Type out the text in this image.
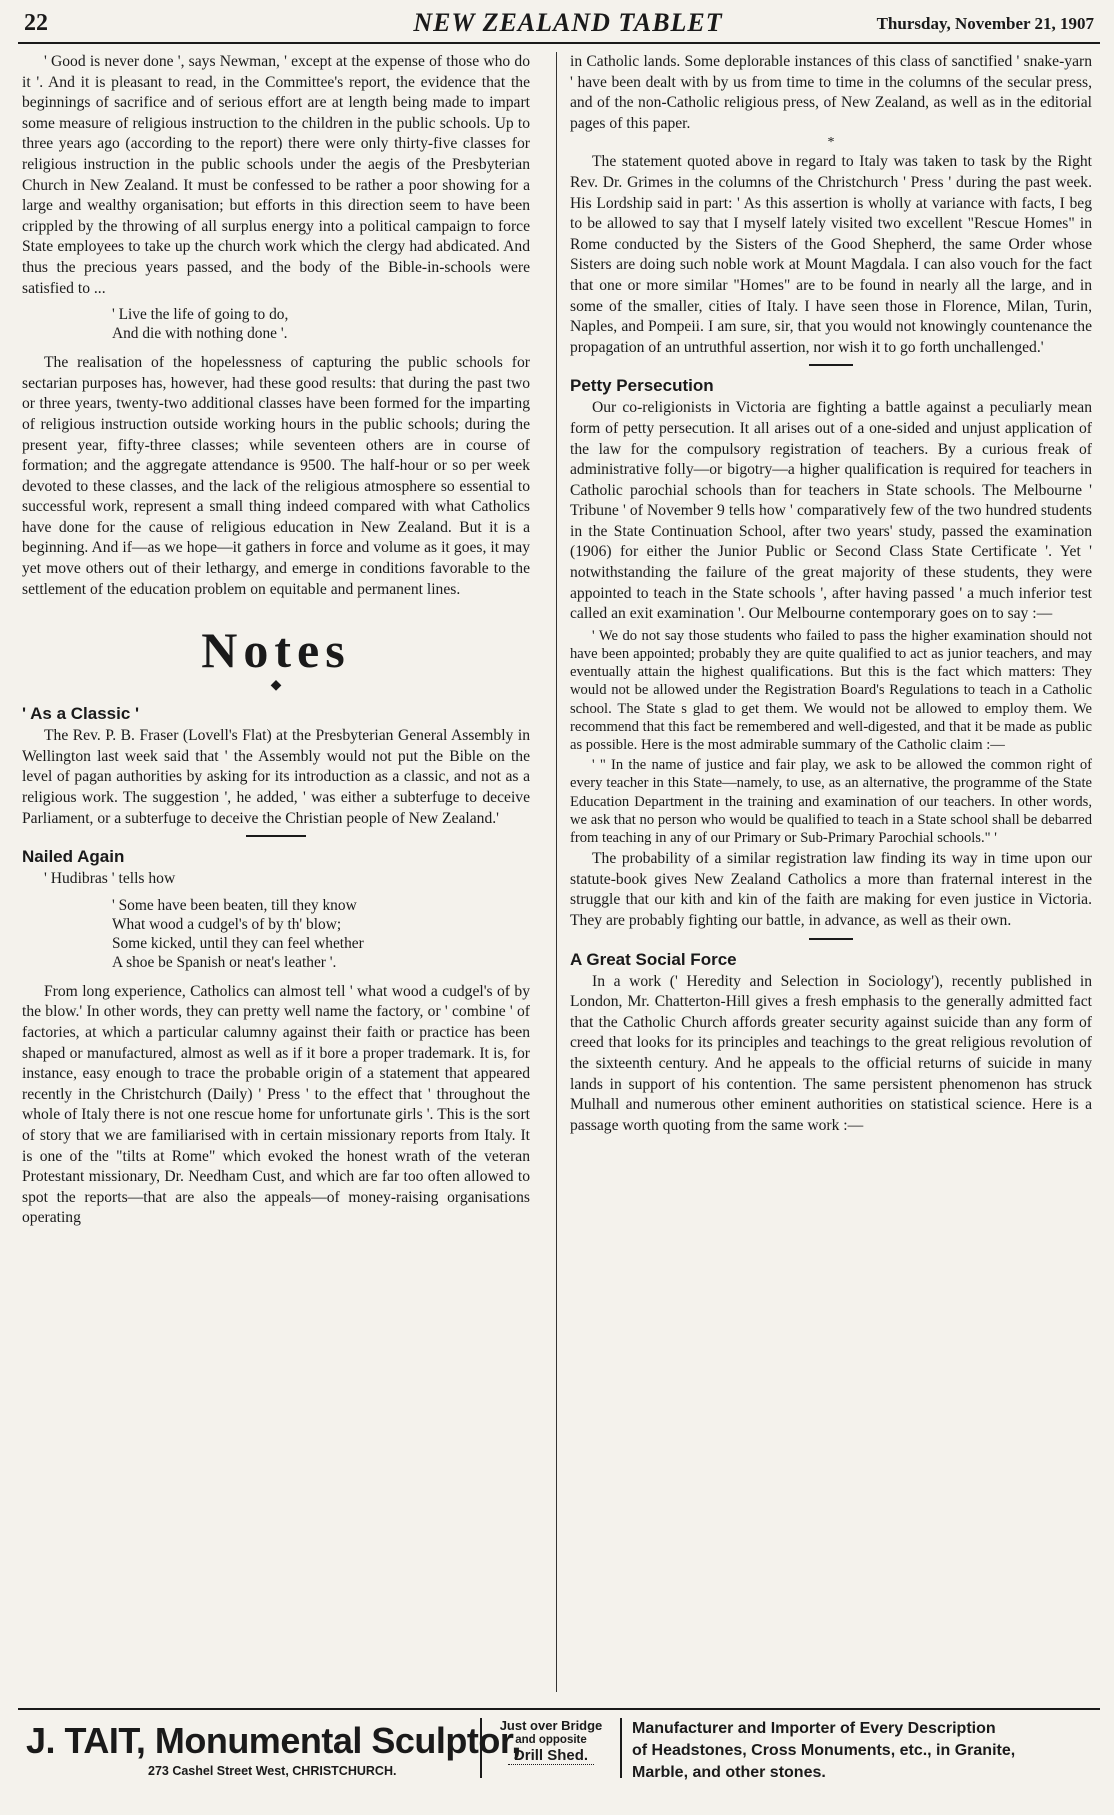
22	NEW ZEALAND TABLET	Thursday, November 21, 1907

' Good is never done ', says Newman, ' except at the expense of those who do it '. And it is pleasant to read, in the Committee's report, the evidence that the beginnings of sacrifice and of serious effort are at length being made to impart some measure of religious instruction to the children in the public schools. Up to three years ago (according to the report) there were only thirty-five classes for religious instruction in the public schools under the aegis of the Presbyterian Church in New Zealand. It must be confessed to be rather a poor showing for a large and wealthy organisation; but efforts in this direction seem to have been crippled by the throwing of all surplus energy into a political campaign to force State employees to take up the church work which the clergy had abdicated. And thus the precious years passed, and the body of the Bible-in-schools were satisfied to ...

' Live the life of going to do,
And die with nothing done '.

The realisation of the hopelessness of capturing the public schools for sectarian purposes has, however, had these good results: that during the past two or three years, twenty-two additional classes have been formed for the imparting of religious instruction outside working hours in the public schools; during the present year, fifty-three classes; while seventeen others are in course of formation; and the aggregate attendance is 9500. The half-hour or so per week devoted to these classes, and the lack of the religious atmosphere so essential to successful work, represent a small thing indeed compared with what Catholics have done for the cause of religious education in New Zealand. But it is a beginning. And if—as we hope—it gathers in force and volume as it goes, it may yet move others out of their lethargy, and emerge in conditions favorable to the settlement of the education problem on equitable and permanent lines.

Notes
◆
' As a Classic '

The Rev. P. B. Fraser (Lovell's Flat) at the Presbyterian General Assembly in Wellington last week said that ' the Assembly would not put the Bible on the level of pagan authorities by asking for its introduction as a classic, and not as a religious work. The suggestion ', he added, ' was either a subterfuge to deceive Parliament, or a subterfuge to deceive the Christian people of New Zealand.'

Nailed Again

' Hudibras ' tells how

' Some have been beaten, till they know
What wood a cudgel's of by th' blow;
Some kicked, until they can feel whether
A shoe be Spanish or neat's leather '.

From long experience, Catholics can almost tell ' what wood a cudgel's of by the blow.' In other words, they can pretty well name the factory, or ' combine ' of factories, at which a particular calumny against their faith or practice has been shaped or manufactured, almost as well as if it bore a proper trademark. It is, for instance, easy enough to trace the probable origin of a statement that appeared recently in the Christchurch (Daily) ' Press ' to the effect that ' throughout the whole of Italy there is not one rescue home for unfortunate girls '. This is the sort of story that we are familiarised with in certain missionary reports from Italy. It is one of the "tilts at Rome" which evoked the honest wrath of the veteran Protestant missionary, Dr. Needham Cust, and which are far too often allowed to spot the reports—that are also the appeals—of money-raising organisations operating

in Catholic lands. Some deplorable instances of this class of sanctified ' snake-yarn ' have been dealt with by us from time to time in the columns of the secular press, and of the non-Catholic religious press, of New Zealand, as well as in the editorial pages of this paper.

*

The statement quoted above in regard to Italy was taken to task by the Right Rev. Dr. Grimes in the columns of the Christchurch ' Press ' during the past week. His Lordship said in part: ' As this assertion is wholly at variance with facts, I beg to be allowed to say that I myself lately visited two excellent "Rescue Homes" in Rome conducted by the Sisters of the Good Shepherd, the same Order whose Sisters are doing such noble work at Mount Magdala. I can also vouch for the fact that one or more similar "Homes" are to be found in nearly all the large, and in some of the smaller, cities of Italy. I have seen those in Florence, Milan, Turin, Naples, and Pompeii. I am sure, sir, that you would not knowingly countenance the propagation of an untruthful assertion, nor wish it to go forth unchallenged.'

Petty Persecution

Our co-religionists in Victoria are fighting a battle against a peculiarly mean form of petty persecution. It all arises out of a one-sided and unjust application of the law for the compulsory registration of teachers. By a curious freak of administrative folly—or bigotry—a higher qualification is required for teachers in Catholic parochial schools than for teachers in State schools. The Melbourne ' Tribune ' of November 9 tells how ' comparatively few of the two hundred students in the State Continuation School, after two years' study, passed the examination (1906) for either the Junior Public or Second Class State Certificate '. Yet ' notwithstanding the failure of the great majority of these students, they were appointed to teach in the State schools ', after having passed ' a much inferior test called an exit examination '. Our Melbourne contemporary goes on to say :—

' We do not say those students who failed to pass the higher examination should not have been appointed; probably they are quite qualified to act as junior teachers, and may eventually attain the highest qualifications. But this is the fact which matters: They would not be allowed under the Registration Board's Regulations to teach in a Catholic school. The State s glad to get them. We would not be allowed to employ them. We recommend that this fact be remembered and well-digested, and that it be made as public as possible. Here is the most admirable summary of the Catholic claim :—

' " In the name of justice and fair play, we ask to be allowed the common right of every teacher in this State—namely, to use, as an alternative, the programme of the State Education Department in the training and examination of our teachers. In other words, we ask that no person who would be qualified to teach in a State school shall be debarred from teaching in any of our Primary or Sub-Primary Parochial schools." '

The probability of a similar registration law finding its way in time upon our statute-book gives New Zealand Catholics a more than fraternal interest in the struggle that our kith and kin of the faith are making for even justice in Victoria. They are probably fighting our battle, in advance, as well as their own.

A Great Social Force

In a work (' Heredity and Selection in Sociology'), recently published in London, Mr. Chatterton-Hill gives a fresh emphasis to the generally admitted fact that the Catholic Church affords greater security against suicide than any form of creed that looks for its principles and teachings to the great religious revolution of the sixteenth century. And he appeals to the official returns of suicide in many lands in support of his contention. The same persistent phenomenon has struck Mulhall and numerous other eminent authorities on statistical science. Here is a passage worth quoting from the same work :—

J. TAIT, Monumental Sculptor,
273 Cashel Street West, CHRISTCHURCH.
Just over Bridge
and opposite
Drill Shed.
Manufacturer and Importer of Every Description
of Headstones, Cross Monuments, etc., in Granite,
Marble, and other stones.
